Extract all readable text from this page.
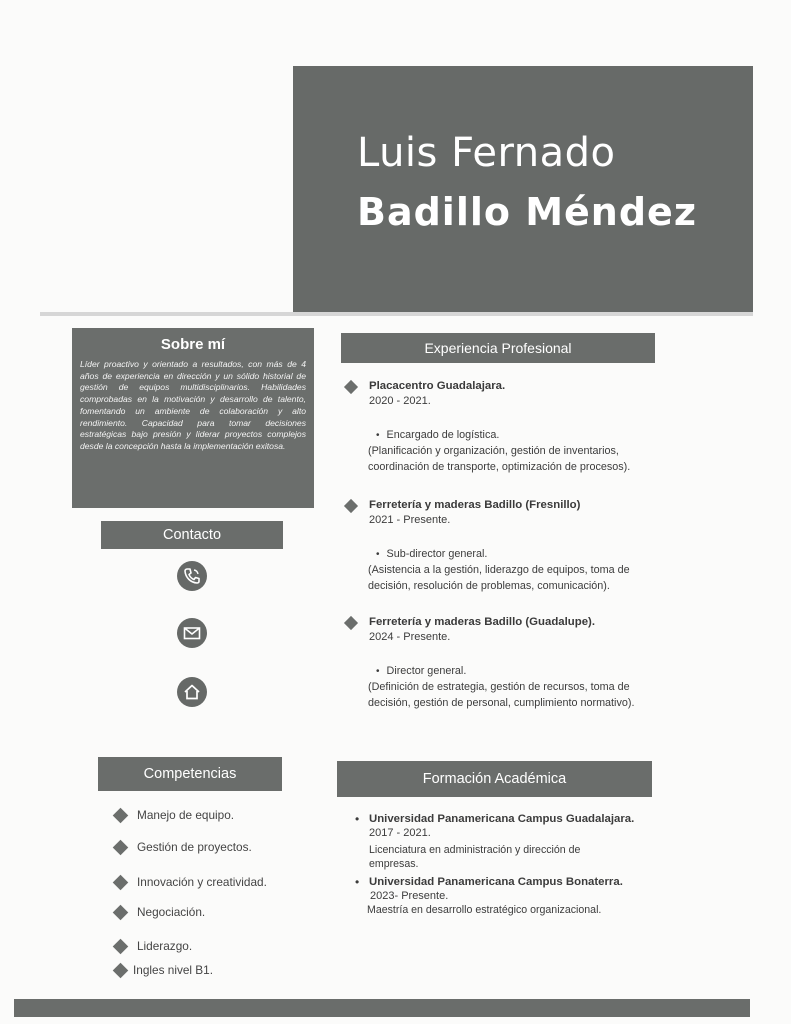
Luis Fernado
Badillo Méndez
Sobre mí
Líder proactivo y orientado a resultados, con más de 4 años de experiencia en dirección y un sólido historial de gestión de equipos multidisciplinarios. Habilidades comprobadas en la motivación y desarrollo de talento, fomentando un ambiente de colaboración y alto rendimiento. Capacidad para tomar decisiones estratégicas bajo presión y liderar proyectos complejos desde la concepción hasta la implementación exitosa.
Contacto
Experiencia Profesional
Placacentro Guadalajara.
2020 - 2021.
• Encargado de logística.
(Planificación y organización, gestión de inventarios, coordinación de transporte, optimización de procesos).
Ferretería y maderas Badillo (Fresnillo)
2021 - Presente.
• Sub-director general.
(Asistencia a la gestión, liderazgo de equipos, toma de decisión, resolución de problemas, comunicación).
Ferretería y maderas Badillo (Guadalupe).
2024 - Presente.
• Director general.
(Definición de estrategia, gestión de recursos, toma de decisión, gestión de personal, cumplimiento normativo).
Competencias
Manejo de equipo.
Gestión de proyectos.
Innovación y creatividad.
Negociación.
Liderazgo.
Ingles nivel B1.
Formación Académica
• Universidad Panamericana Campus Guadalajara.
2017 - 2021.
Licenciatura en administración y dirección de empresas.
• Universidad Panamericana Campus Bonaterra.
2023- Presente.
Maestría en desarrollo estratégico organizacional.
